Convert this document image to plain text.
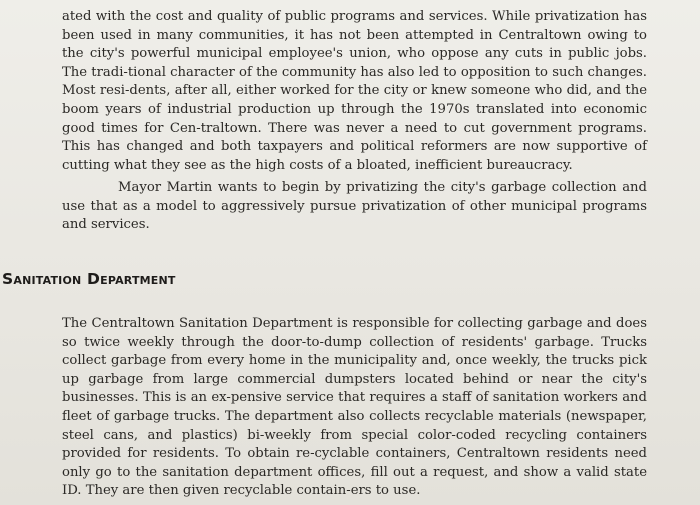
ated with the cost and quality of public programs and services. While privatization has been used in many communities, it has not been attempted in Centraltown owing to the city's powerful municipal employee's union, who oppose any cuts in public jobs. The tradi-tional character of the community has also led to opposition to such changes. Most resi-dents, after all, either worked for the city or knew someone who did, and the boom years of industrial production up through the 1970s translated into economic good times for Cen-traltown. There was never a need to cut government programs. This has changed and both taxpayers and political reformers are now supportive of cutting what they see as the high costs of a bloated, inefficient bureaucracy.

Mayor Martin wants to begin by privatizing the city's garbage collection and use that as a model to aggressively pursue privatization of other municipal programs and services.

Sanitation Department

The Centraltown Sanitation Department is responsible for collecting garbage and does so twice weekly through the door-to-dump collection of residents' garbage. Trucks collect garbage from every home in the municipality and, once weekly, the trucks pick up garbage from large commercial dumpsters located behind or near the city's businesses. This is an ex-pensive service that requires a staff of sanitation workers and fleet of garbage trucks. The department also collects recyclable materials (newspaper, steel cans, and plastics) bi-weekly from special color-coded recycling containers provided for residents. To obtain re-cyclable containers, Centraltown residents need only go to the sanitation department offices, fill out a request, and show a valid state ID. They are then given recyclable contain-ers to use.
